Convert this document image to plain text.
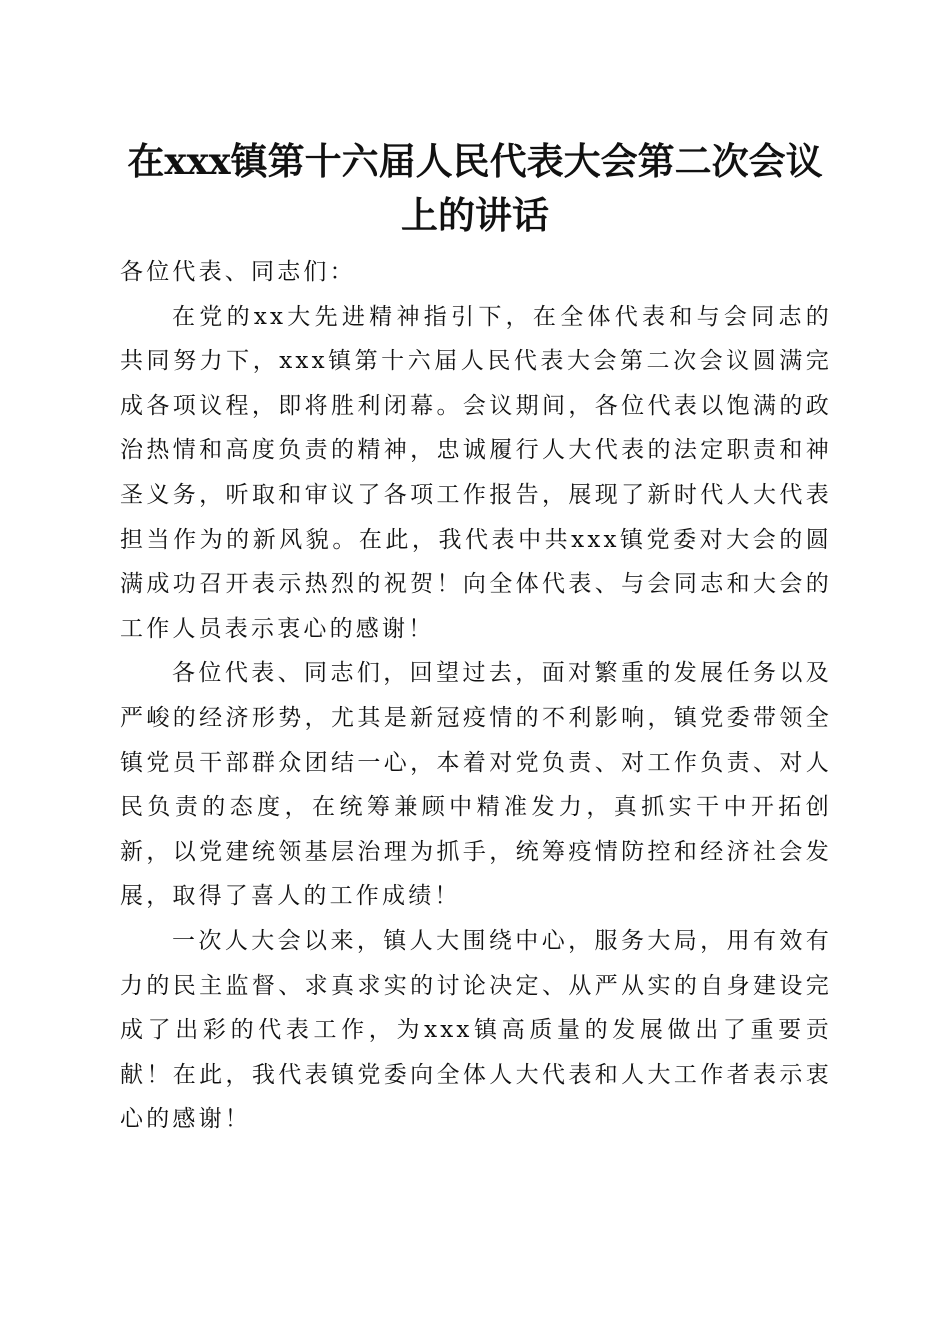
在xxx镇第十六届人民代表大会第二次会议上的讲话

各位代表、同志们：

在党的xx大先进精神指引下，在全体代表和与会同志的共同努力下，xxx镇第十六届人民代表大会第二次会议圆满完成各项议程，即将胜利闭幕。会议期间，各位代表以饱满的政治热情和高度负责的精神，忠诚履行人大代表的法定职责和神圣义务，听取和审议了各项工作报告，展现了新时代人大代表担当作为的新风貌。在此，我代表中共xxx镇党委对大会的圆满成功召开表示热烈的祝贺！向全体代表、与会同志和大会的工作人员表示衷心的感谢！

各位代表、同志们，回望过去，面对繁重的发展任务以及严峻的经济形势，尤其是新冠疫情的不利影响，镇党委带领全镇党员干部群众团结一心，本着对党负责、对工作负责、对人民负责的态度，在统筹兼顾中精准发力，真抓实干中开拓创新，以党建统领基层治理为抓手，统筹疫情防控和经济社会发展，取得了喜人的工作成绩！

一次人大会以来，镇人大围绕中心，服务大局，用有效有力的民主监督、求真求实的讨论决定、从严从实的自身建设完成了出彩的代表工作，为xxx镇高质量的发展做出了重要贡献！在此，我代表镇党委向全体人大代表和人大工作者表示衷心的感谢！
